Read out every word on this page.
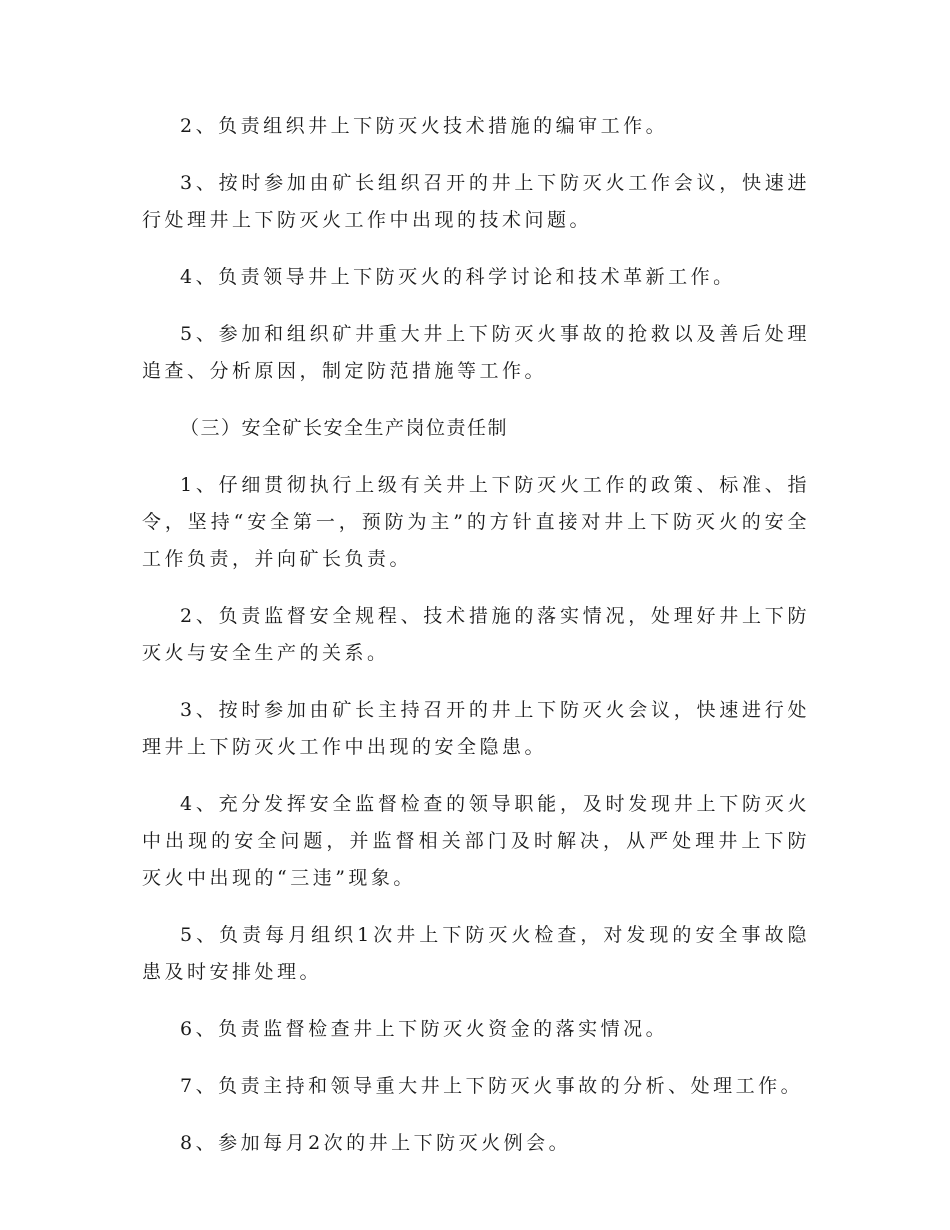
2、负责组织井上下防灭火技术措施的编审工作。

3、按时参加由矿长组织召开的井上下防灭火工作会议，快速进行处理井上下防灭火工作中出现的技术问题。

4、负责领导井上下防灭火的科学讨论和技术革新工作。

5、参加和组织矿井重大井上下防灭火事故的抢救以及善后处理追查、分析原因，制定防范措施等工作。

（三）安全矿长安全生产岗位责任制

1、仔细贯彻执行上级有关井上下防灭火工作的政策、标准、指令，坚持“安全第一，预防为主”的方针直接对井上下防灭火的安全工作负责，并向矿长负责。

2、负责监督安全规程、技术措施的落实情况，处理好井上下防灭火与安全生产的关系。

3、按时参加由矿长主持召开的井上下防灭火会议，快速进行处理井上下防灭火工作中出现的安全隐患。

4、充分发挥安全监督检查的领导职能，及时发现井上下防灭火中出现的安全问题，并监督相关部门及时解决，从严处理井上下防灭火中出现的“三违”现象。

5、负责每月组织1次井上下防灭火检查，对发现的安全事故隐患及时安排处理。

6、负责监督检查井上下防灭火资金的落实情况。

7、负责主持和领导重大井上下防灭火事故的分析、处理工作。

8、参加每月2次的井上下防灭火例会。
